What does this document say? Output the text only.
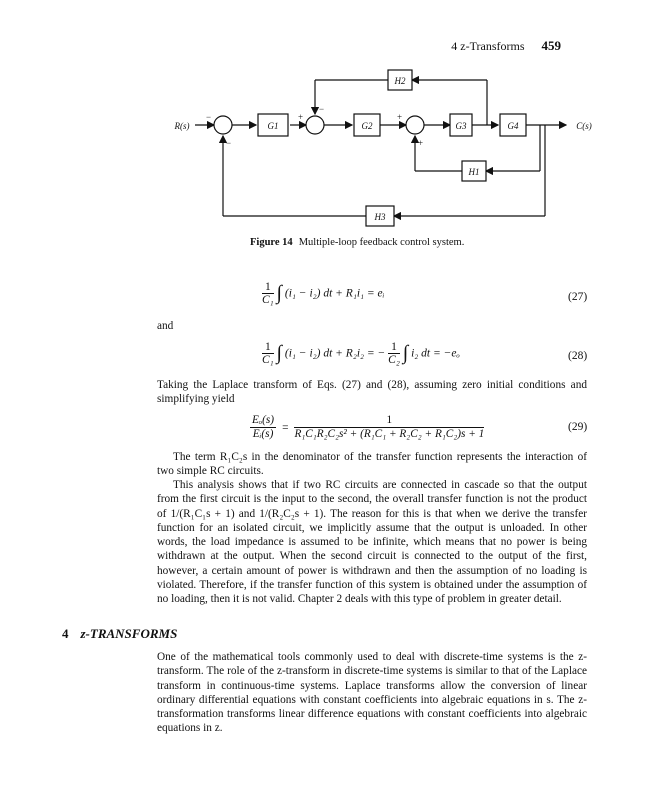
4 z-Transforms 459
G1	G2	G3	G4
H2
H1
H3
R(s)	C(s)
−
−
+
−
+
+
Figure 14 Multiple-loop feedback control system.
$\frac{1}{\text{C₁}}$ ∫ (i₁ − i₂) dt + R₁i₁ = eᵢ	(27)
and
$\frac{1}{\text{C₁}}$ ∫ (i₁ − i₂) dt + R₂i₂ = − $\frac{1}{\text{C₂}}$ ∫ i₂ dt = −eₒ	(28)
Taking the Laplace transform of Eqs. (27) and (28), assuming zero initial conditions and simplifying yield
$\frac{\text{Eₒ(s)}}{\text{Eᵢ(s)}} = \frac{1}{\text{R₁C₁R₂C₂s² + (R₁C₁ + R₂C₂ + R₁C₂)s + 1}}$	(29)
The term R₁C₂s in the denominator of the transfer function represents the interaction of two simple RC circuits.
This analysis shows that if two RC circuits are connected in cascade so that the output from the first circuit is the input to the second, the overall transfer function is not the product of 1/(R₁C₁s + 1) and 1/(R₂C₂s + 1). The reason for this is that when we derive the transfer function for an isolated circuit, we implicitly assume that the output is unloaded. In other words, the load impedance is assumed to be infinite, which means that no power is being withdrawn at the output. When the second circuit is connected to the output of the first, however, a certain amount of power is withdrawn and then the assumption of no loading is violated. Therefore, if the transfer function of this system is obtained under the assumption of no loading, then it is not valid. Chapter 2 deals with this type of problem in greater detail.
4 z-TRANSFORMS
One of the mathematical tools commonly used to deal with discrete-time systems is the z-transform. The role of the z-transform in discrete-time systems is similar to that of the Laplace transform in continuous-time systems. Laplace transforms allow the conversion of linear ordinary differential equations with constant coefficients into algebraic equations in s. The z-transformation transforms linear difference equations with constant coefficients into algebraic equations in z.
